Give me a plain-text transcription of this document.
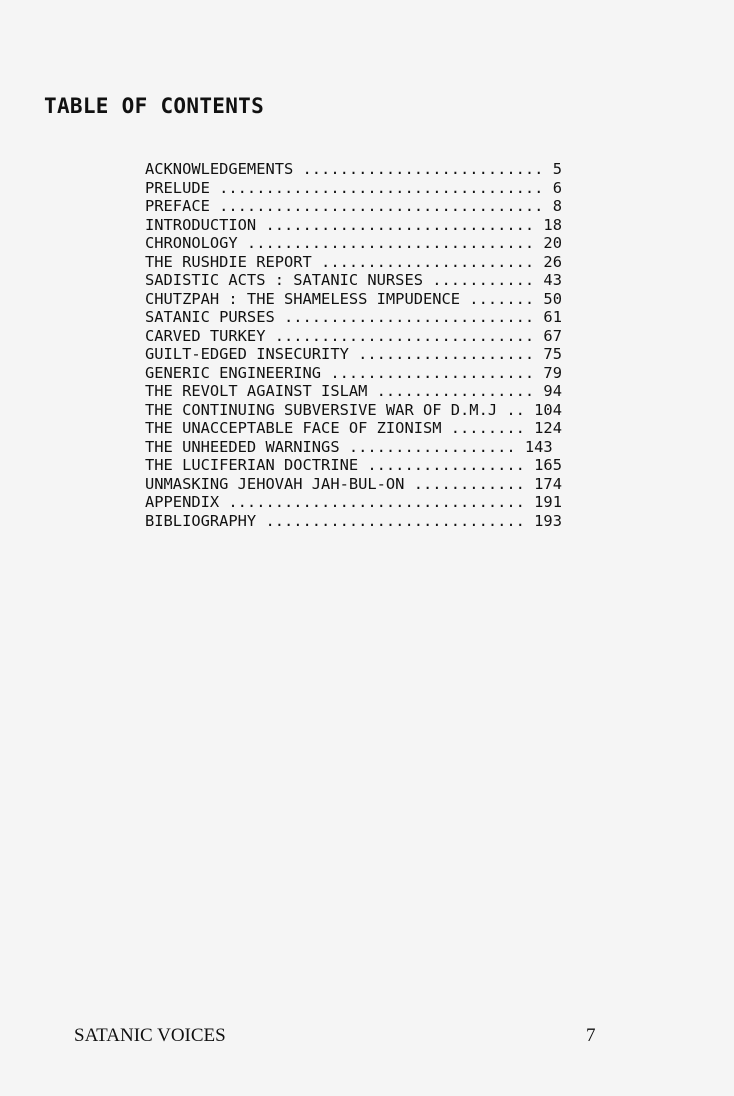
TABLE OF CONTENTS
ACKNOWLEDGEMENTS .......................... 5
PRELUDE ................................... 6
PREFACE ................................... 8
INTRODUCTION ............................. 18
CHRONOLOGY ............................... 20
THE RUSHDIE REPORT ....................... 26
SADISTIC ACTS : SATANIC NURSES ........... 43
CHUTZPAH : THE SHAMELESS IMPUDENCE ....... 50
SATANIC PURSES ........................... 61
CARVED TURKEY ............................ 67
GUILT-EDGED INSECURITY ................... 75
GENERIC ENGINEERING ...................... 79
THE REVOLT AGAINST ISLAM ................. 94
THE CONTINUING SUBVERSIVE WAR OF D.M.J .. 104
THE UNACCEPTABLE FACE OF ZIONISM ........ 124
THE UNHEEDED WARNINGS .................. 143
THE LUCIFERIAN DOCTRINE ................. 165
UNMASKING JEHOVAH JAH-BUL-ON ............ 174
APPENDIX ................................ 191
BIBLIOGRAPHY ............................ 193
SATANIC VOICES	7
